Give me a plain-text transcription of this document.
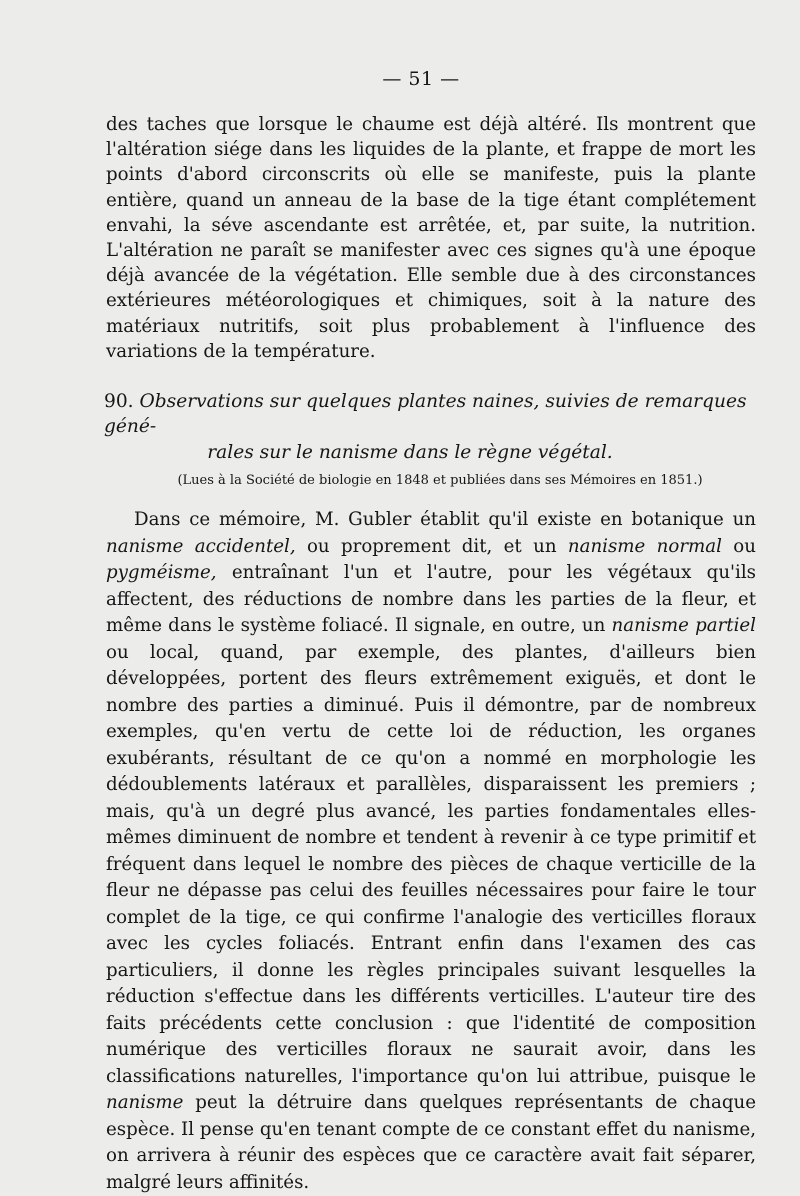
— 51 —

des taches que lorsque le chaume est déjà altéré. Ils montrent que l'altération siége dans les liquides de la plante, et frappe de mort les points d'abord circonscrits où elle se manifeste, puis la plante entière, quand un anneau de la base de la tige étant complétement envahi, la séve ascendante est arrêtée, et, par suite, la nutrition. L'altération ne paraît se manifester avec ces signes qu'à une époque déjà avancée de la végétation. Elle semble due à des circonstances extérieures météorologiques et chimiques, soit à la nature des matériaux nutritifs, soit plus probablement à l'influence des variations de la température.

90. Observations sur quelques plantes naines, suivies de remarques géné-
rales sur le nanisme dans le règne végétal.
(Lues à la Société de biologie en 1848 et publiées dans ses Mémoires en 1851.)

Dans ce mémoire, M. Gubler établit qu'il existe en botanique un nanisme accidentel, ou proprement dit, et un nanisme normal ou pygméisme, entraînant l'un et l'autre, pour les végétaux qu'ils affectent, des réductions de nombre dans les parties de la fleur, et même dans le système foliacé. Il signale, en outre, un nanisme partiel ou local, quand, par exemple, des plantes, d'ailleurs bien développées, portent des fleurs extrêmement exiguës, et dont le nombre des parties a diminué. Puis il démontre, par de nombreux exemples, qu'en vertu de cette loi de réduction, les organes exubérants, résultant de ce qu'on a nommé en morphologie les dédoublements latéraux et parallèles, disparaissent les premiers ; mais, qu'à un degré plus avancé, les parties fondamentales elles-mêmes diminuent de nombre et tendent à revenir à ce type primitif et fréquent dans lequel le nombre des pièces de chaque verticille de la fleur ne dépasse pas celui des feuilles nécessaires pour faire le tour complet de la tige, ce qui confirme l'analogie des verticilles floraux avec les cycles foliacés. Entrant enfin dans l'examen des cas particuliers, il donne les règles principales suivant lesquelles la réduction s'effectue dans les différents verticilles. L'auteur tire des faits précédents cette conclusion : que l'identité de composition numérique des verticilles floraux ne saurait avoir, dans les classifications naturelles, l'importance qu'on lui attribue, puisque le nanisme peut la détruire dans quelques représentants de chaque espèce. Il pense qu'en tenant compte de ce constant effet du nanisme, on arrivera à réunir des espèces que ce caractère avait fait séparer, malgré leurs affinités.
